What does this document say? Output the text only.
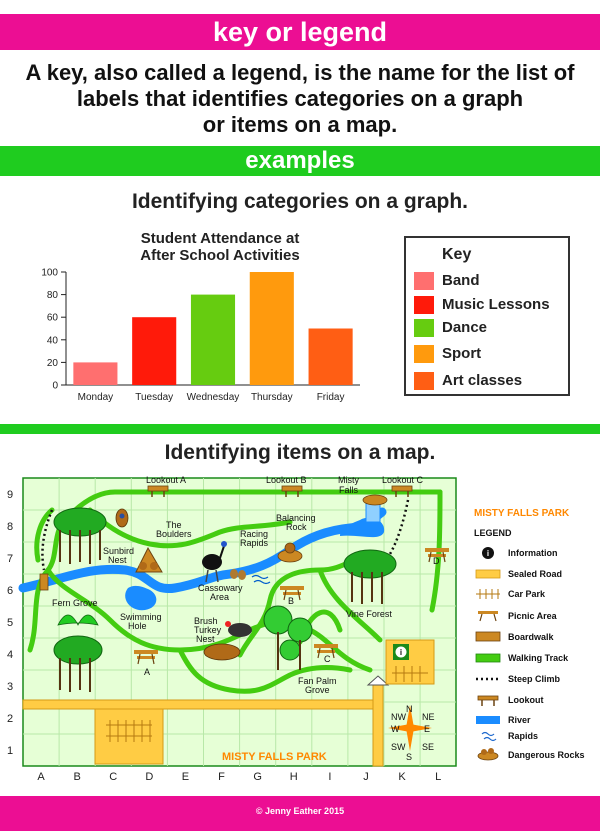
key or legend
A key, also called a legend, is the name for the list of
labels that identifies categories on a graph
or items on a map.
examples
Identifying categories on a graph.
0
20
40
60
80
100
Monday Tuesday Wednesday Thursday Friday
Student Attendance at
After School Activities	Key
Band
Music Lessons
Dance
Sport
Art classes
Identifying items on a map.
A	B	C	D	E	F	G	H	I	J	K	L
9
8
7
6
5
4
3
2
1
i
Lookout A	Lookout B	Lookout C
Misty
Falls
Sunbird
Nest
Vine Forest
Fern Grove
Fan Palm
Grove
The
Boulders
Balancing
Rock
Racing
Rapids
Cassowary
Area
Swimming
Hole	Brush
Turkey
Nest
A
B
C
D
N
S
E
W
NW NE
SW SE
MISTY FALLS PARK
MISTY FALLS PARK
LEGEND
i Information
Sealed Road
Car Park
Picnic Area
Boardwalk
Walking Track
Steep Climb
Lookout
River
Rapids
Dangerous Rocks
© Jenny Eather 2015
